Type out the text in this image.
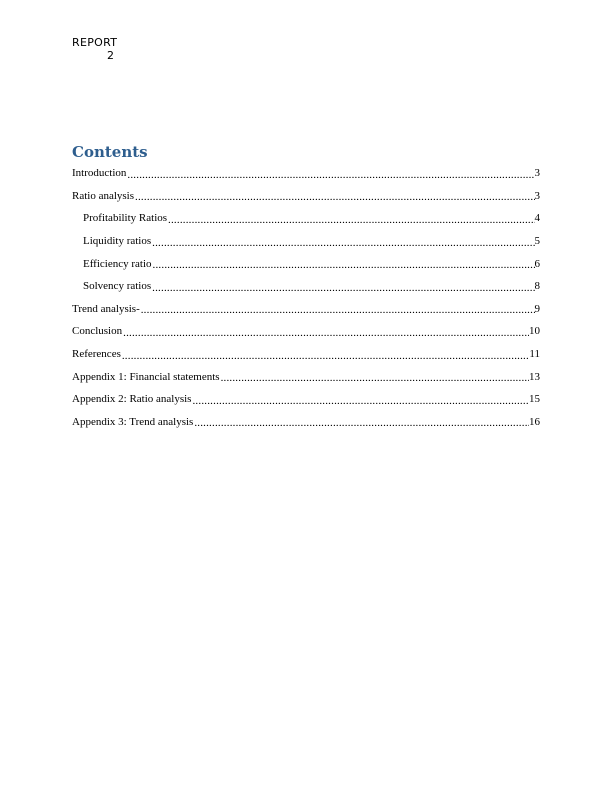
REPORT
2
Contents
Introduction .....	3
Ratio analysis .....	3
Profitability Ratios .....	4
Liquidity ratios .....	5
Efficiency ratio .....	6
Solvency ratios .....	8
Trend analysis- .....	9
Conclusion .....	10
References .....	11
Appendix 1: Financial statements .....	13
Appendix 2: Ratio analysis .....	15
Appendix 3: Trend analysis .....	16
